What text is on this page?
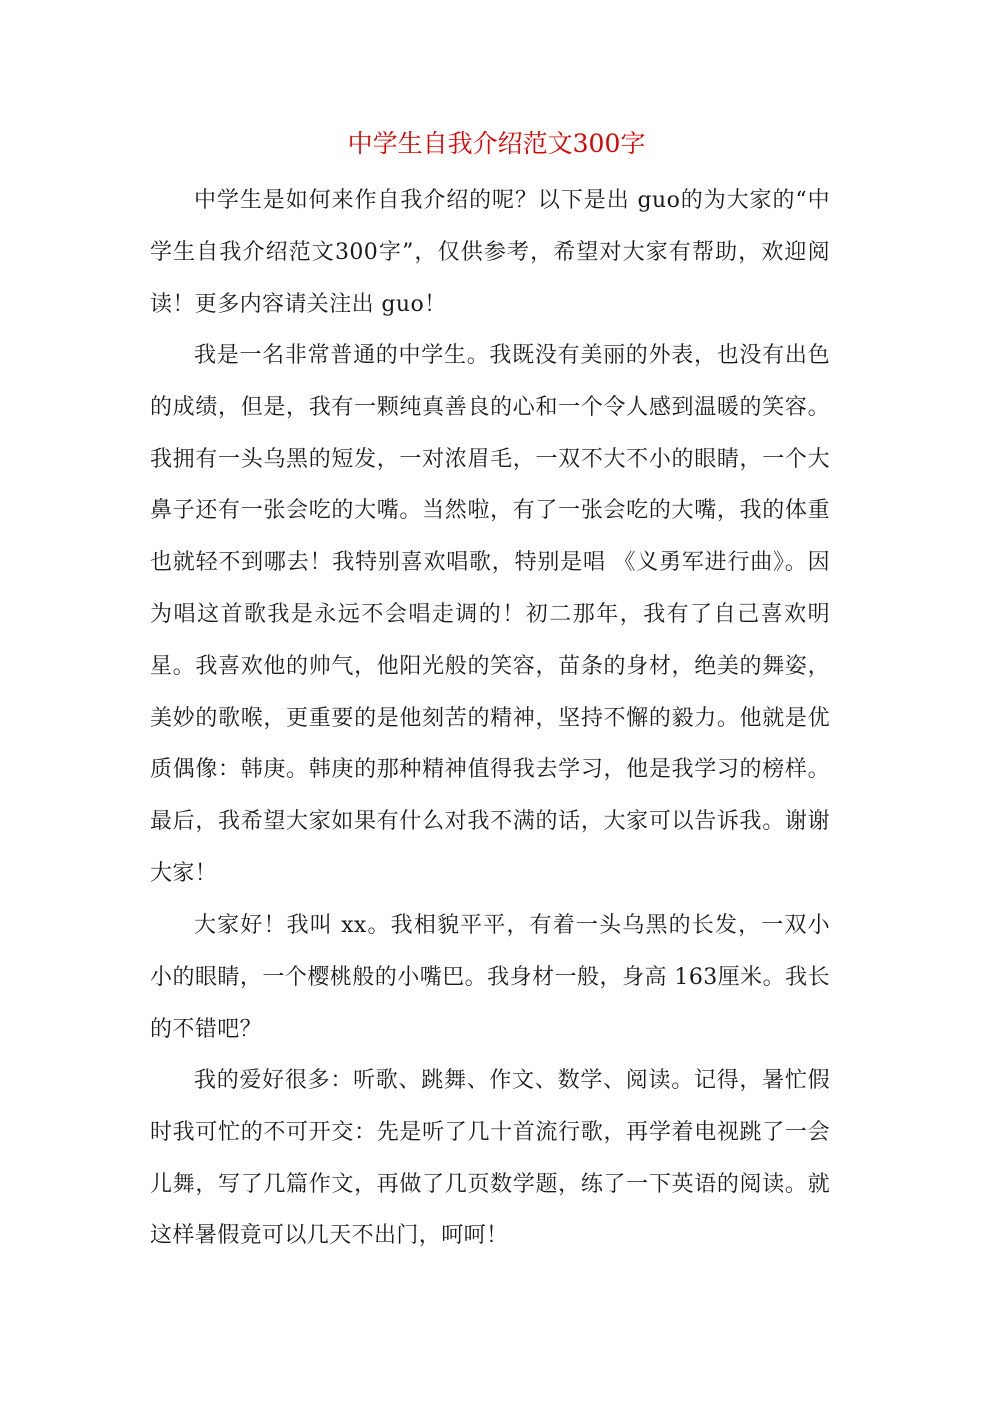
中学生自我介绍范文300字

中学生是如何来作自我介绍的呢？以下是出 guo的为大家的“中学生自我介绍范文300字”，仅供参考，希望对大家有帮助，欢迎阅读！更多内容请关注出 guo！

我是一名非常普通的中学生。我既没有美丽的外表，也没有出色的成绩，但是，我有一颗纯真善良的心和一个令人感到温暖的笑容。我拥有一头乌黑的短发，一对浓眉毛，一双不大不小的眼睛，一个大鼻子还有一张会吃的大嘴。当然啦，有了一张会吃的大嘴，我的体重也就轻不到哪去！我特别喜欢唱歌，特别是唱 《义勇军进行曲》。因为唱这首歌我是永远不会唱走调的！初二那年，我有了自己喜欢明星。我喜欢他的帅气，他阳光般的笑容，苗条的身材，绝美的舞姿，美妙的歌喉，更重要的是他刻苦的精神，坚持不懈的毅力。他就是优质偶像：韩庚。韩庚的那种精神值得我去学习，他是我学习的榜样。最后，我希望大家如果有什么对我不满的话，大家可以告诉我。谢谢大家！

大家好！我叫 xx。我相貌平平，有着一头乌黑的长发，一双小小的眼睛，一个樱桃般的小嘴巴。我身材一般，身高 163厘米。我长的不错吧？

我的爱好很多：听歌、跳舞、作文、数学、阅读。记得，暑忙假时我可忙的不可开交：先是听了几十首流行歌，再学着电视跳了一会儿舞，写了几篇作文，再做了几页数学题，练了一下英语的阅读。就这样暑假竟可以几天不出门，呵呵！
